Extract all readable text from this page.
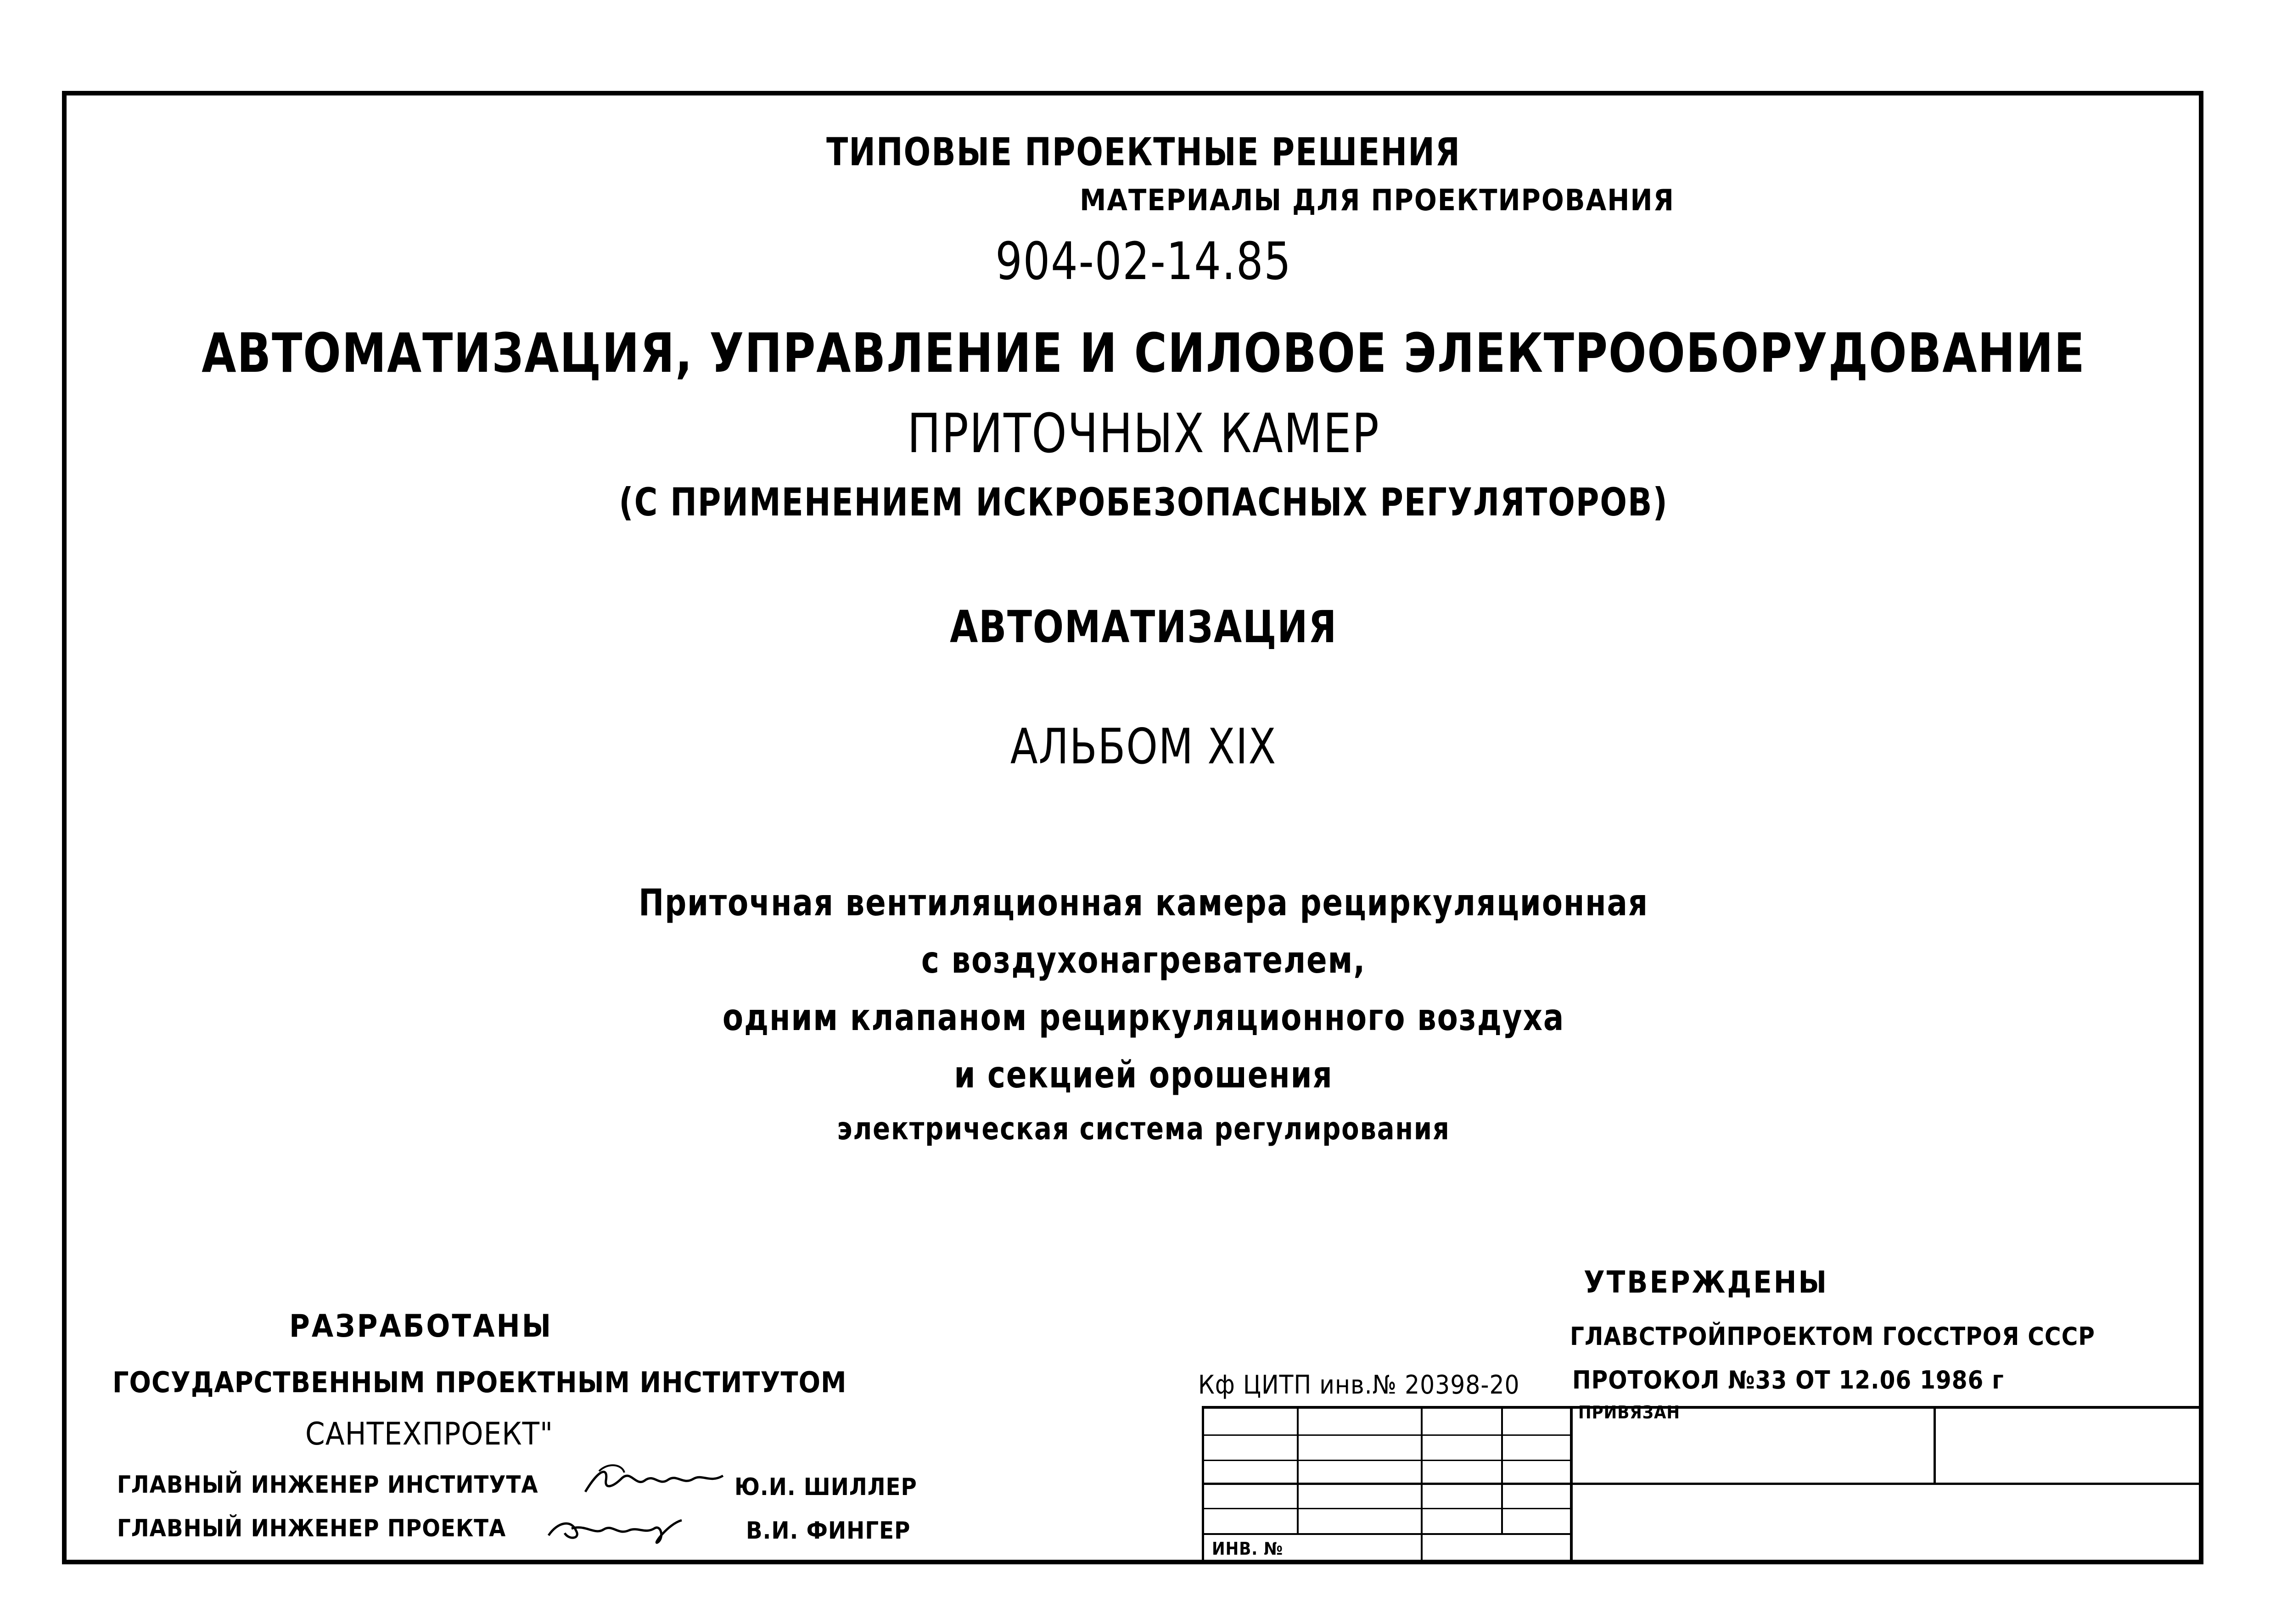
ТИПОВЫЕ ПРОЕКТНЫЕ РЕШЕНИЯ
МАТЕРИАЛЫ ДЛЯ ПРОЕКТИРОВАНИЯ
904-02-14.85
АВТОМАТИЗАЦИЯ, УПРАВЛЕНИЕ И СИЛОВОЕ ЭЛЕКТРООБОРУДОВАНИЕ
ПРИТОЧНЫХ КАМЕР
(С ПРИМЕНЕНИЕМ ИСКРОБЕЗОПАСНЫХ РЕГУЛЯТОРОВ)
АВТОМАТИЗАЦИЯ
АЛЬБОМ XIX
Приточная вентиляционная камера рециркуляционная
с воздухонагревателем,
одним клапаном рециркуляционного воздуха
и секцией орошения
электрическая система регулирования
УТВЕРЖДЕНЫ
ГЛАВСТРОЙПРОЕКТОМ ГОССТРОЯ СССР
ПРОТОКОЛ №33 ОТ 12.06 1986 г
РАЗРАБОТАНЫ
ГОСУДАРСТВЕННЫМ ПРОЕКТНЫМ ИНСТИТУТОМ
САНТЕХПРОЕКТ"
ГЛАВНЫЙ ИНЖЕНЕР ИНСТИТУТА	Ю.И. ШИЛЛЕР
ГЛАВНЫЙ ИНЖЕНЕР ПРОЕКТА	В.И. ФИНГЕР
Кф ЦИТП инв.№ 20398-20
ИНВ. №
ПРИВЯЗАН
